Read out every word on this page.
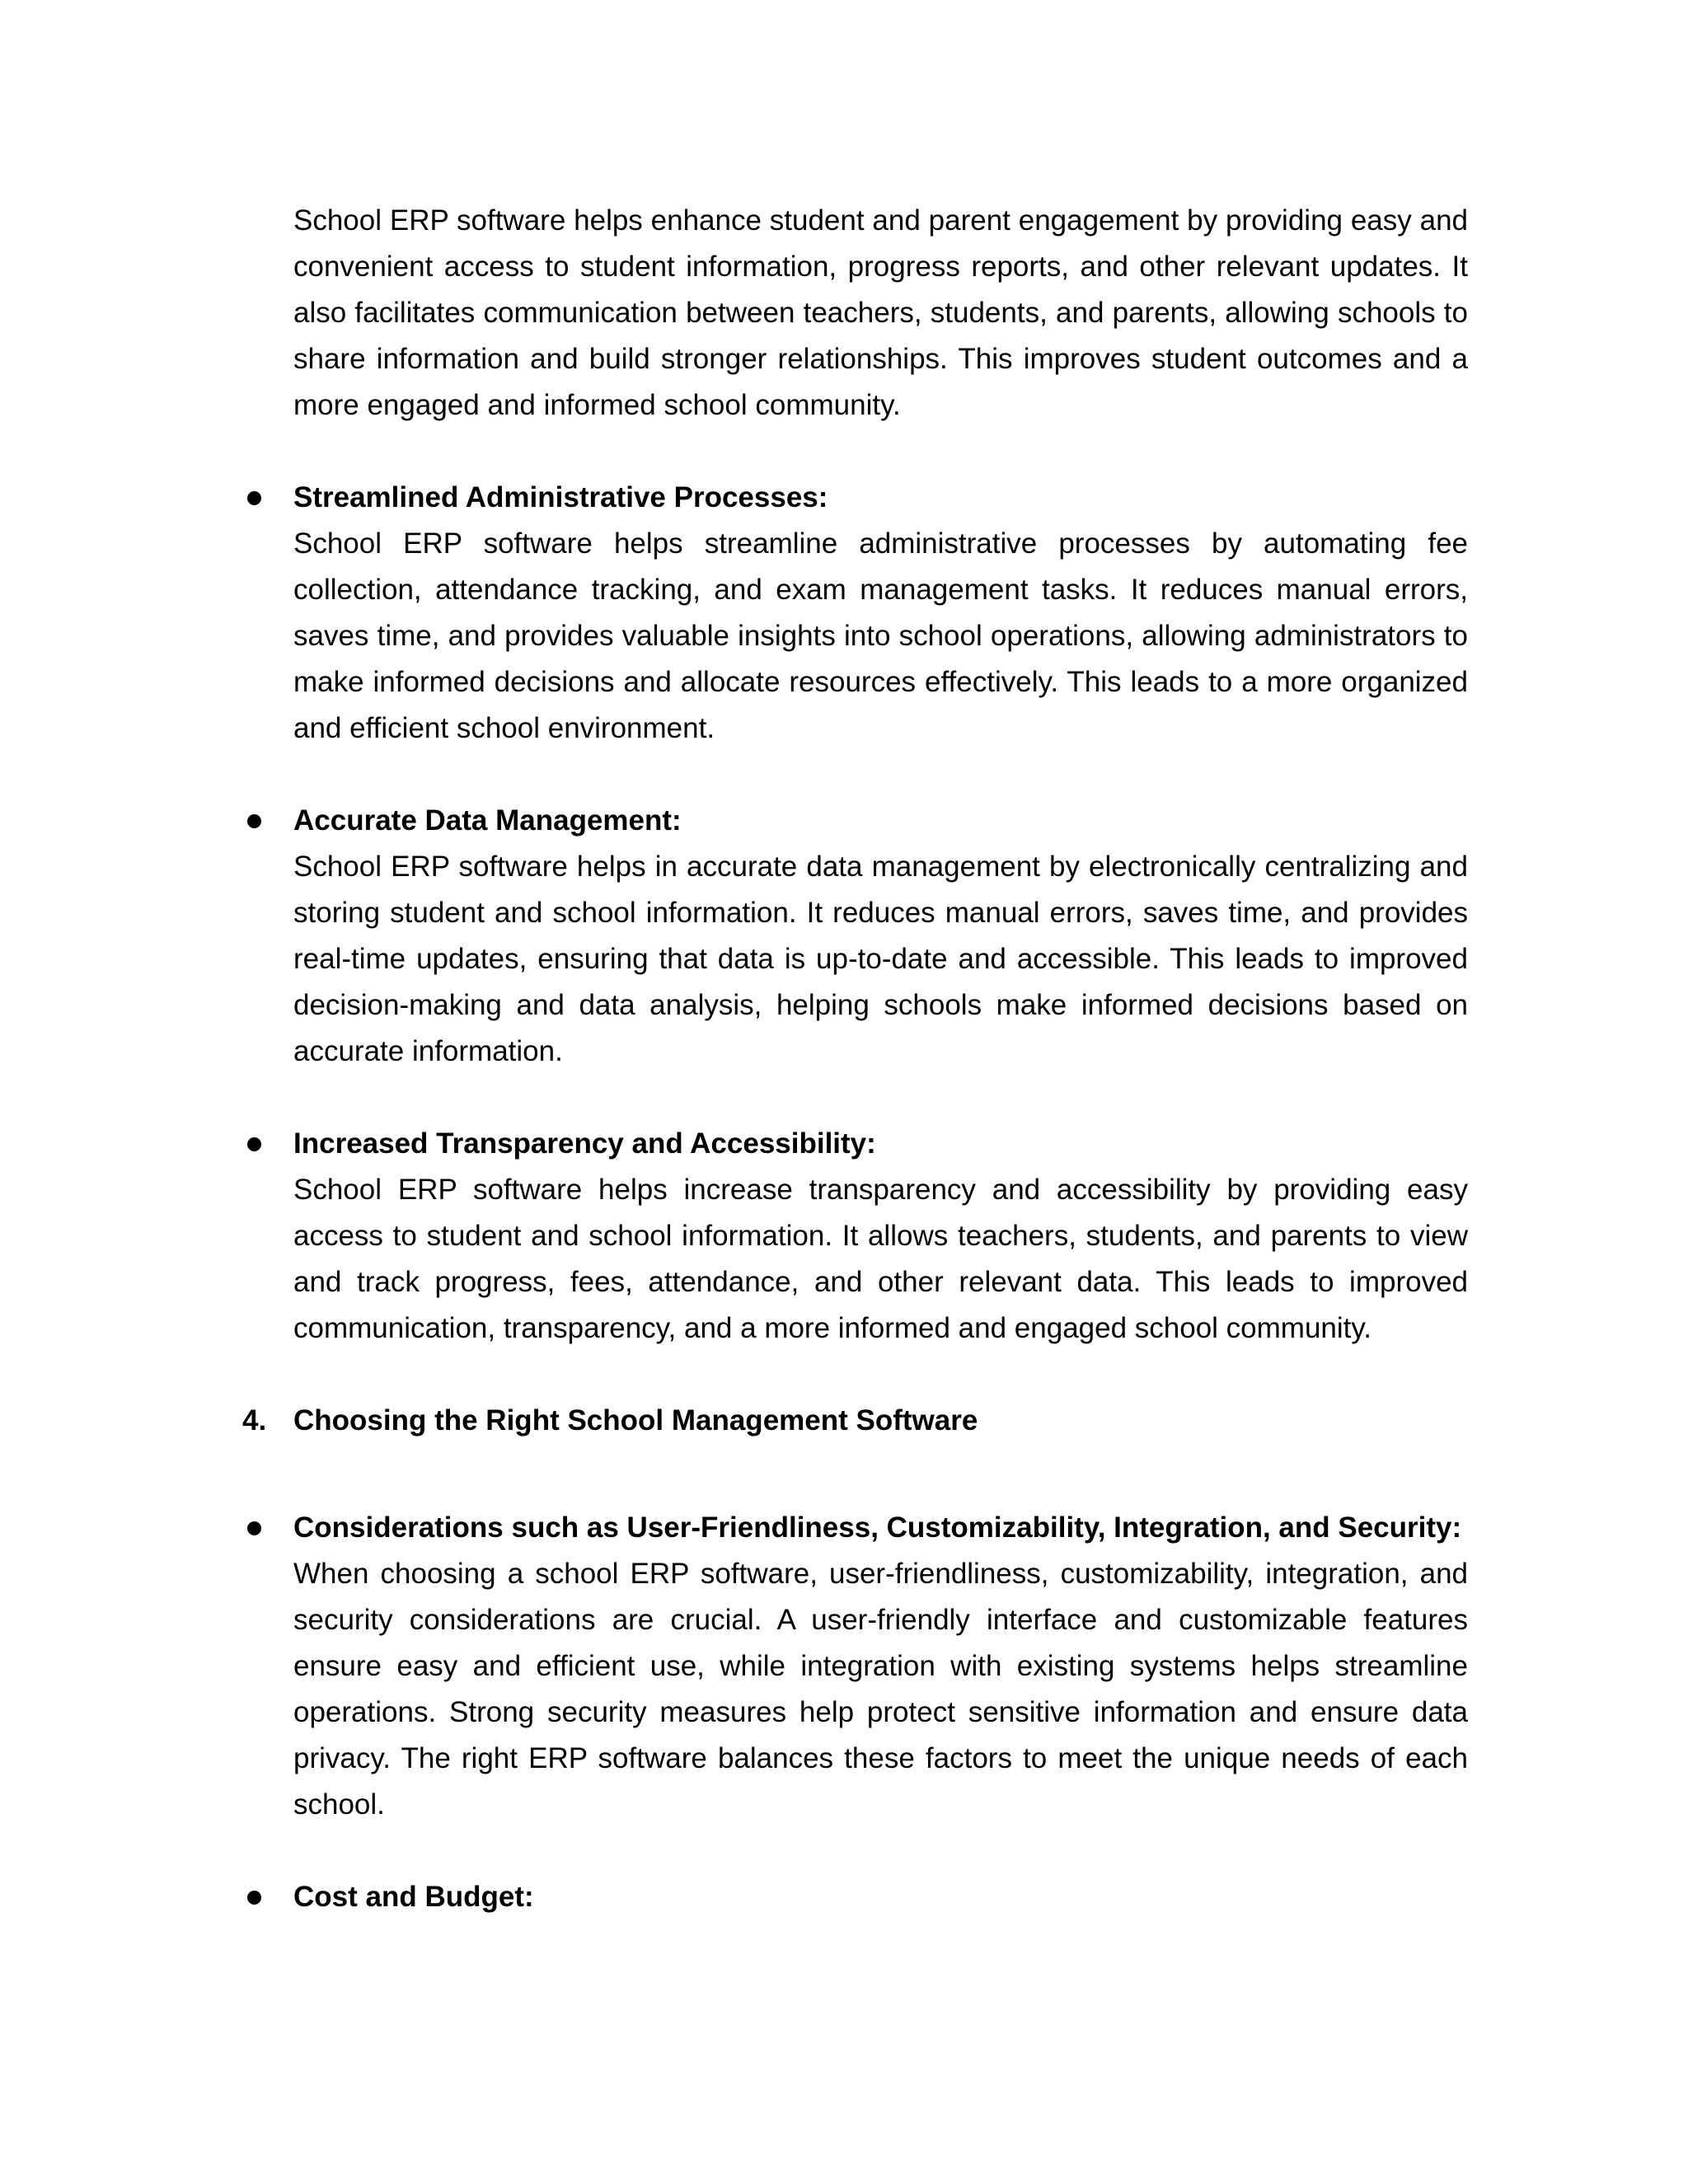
School ERP software helps enhance student and parent engagement by providing easy and convenient access to student information, progress reports, and other relevant updates. It also facilitates communication between teachers, students, and parents, allowing schools to share information and build stronger relationships. This improves student outcomes and a more engaged and informed school community.

Streamlined Administrative Processes:

School ERP software helps streamline administrative processes by automating fee collection, attendance tracking, and exam management tasks. It reduces manual errors, saves time, and provides valuable insights into school operations, allowing administrators to make informed decisions and allocate resources effectively. This leads to a more organized and efficient school environment.

Accurate Data Management:

School ERP software helps in accurate data management by electronically centralizing and storing student and school information. It reduces manual errors, saves time, and provides real-time updates, ensuring that data is up-to-date and accessible. This leads to improved decision-making and data analysis, helping schools make informed decisions based on accurate information.

Increased Transparency and Accessibility:

School ERP software helps increase transparency and accessibility by providing easy access to student and school information. It allows teachers, students, and parents to view and track progress, fees, attendance, and other relevant data. This leads to improved communication, transparency, and a more informed and engaged school community.

4. Choosing the Right School Management Software

Considerations such as User-Friendliness, Customizability, Integration, and Security:

When choosing a school ERP software, user-friendliness, customizability, integration, and security considerations are crucial. A user-friendly interface and customizable features ensure easy and efficient use, while integration with existing systems helps streamline operations. Strong security measures help protect sensitive information and ensure data privacy. The right ERP software balances these factors to meet the unique needs of each school.

Cost and Budget:
